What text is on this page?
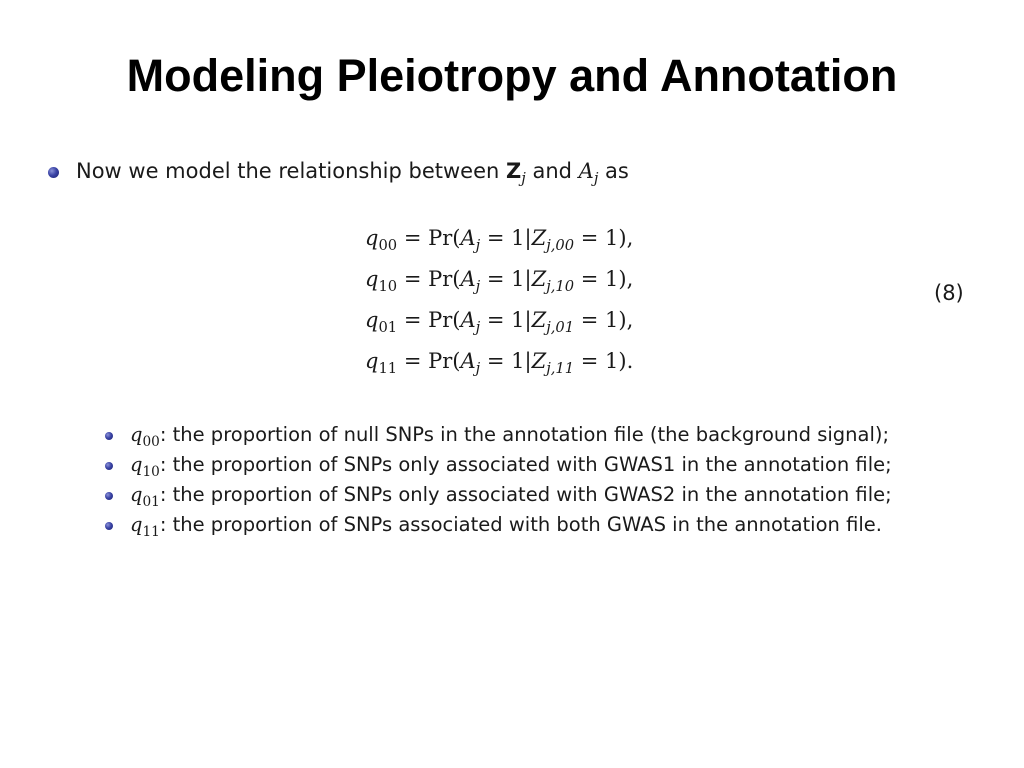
Modeling Pleiotropy and Annotation
Now we model the relationship between $Z_j$ and $A_j$ as
$q_{00} = Pr(A_j = 1|Z_{j,00} = 1)$,
$q_{10} = Pr(A_j = 1|Z_{j,10} = 1)$,
$q_{01} = Pr(A_j = 1|Z_{j,01} = 1)$,
$q_{11} = Pr(A_j = 1|Z_{j,11} = 1)$.
(8)
$q_{00}$: the proportion of null SNPs in the annotation file (the background signal);
$q_{10}$: the proportion of SNPs only associated with GWAS1 in the annotation file;
$q_{01}$: the proportion of SNPs only associated with GWAS2 in the annotation file;
$q_{11}$: the proportion of SNPs associated with both GWAS in the annotation file.
